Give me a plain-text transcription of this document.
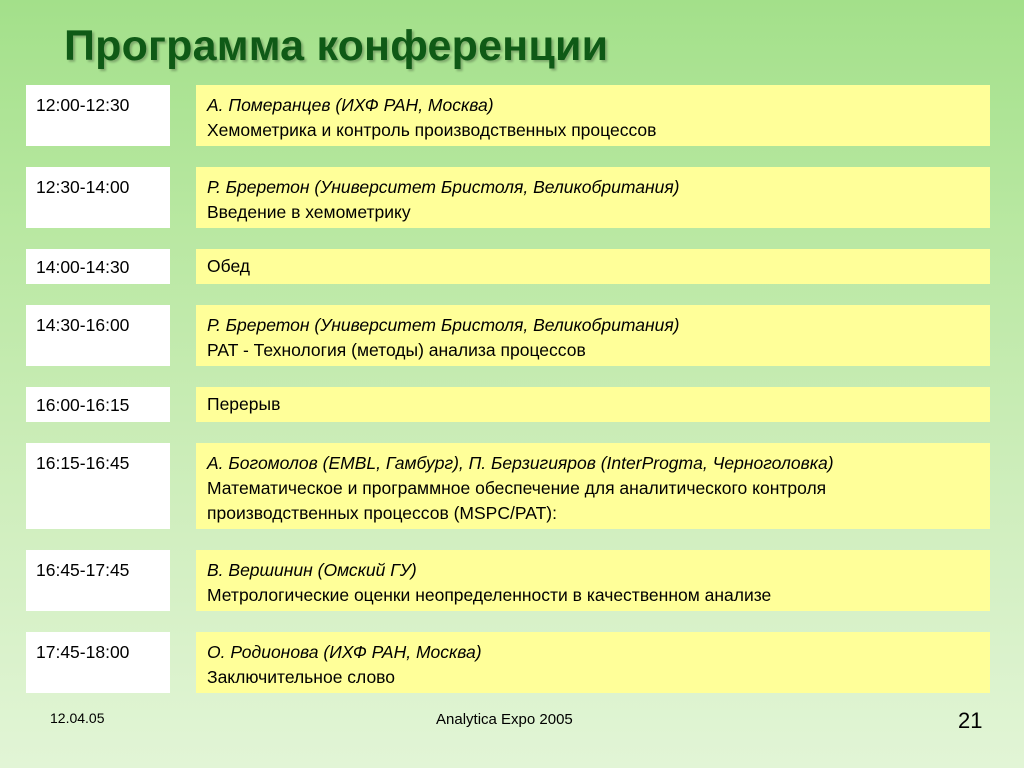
Программа конференции
12:00-12:30	А. Померанцев (ИХФ РАН, Москва)
Хемометрика и контроль производственных процессов
12:30-14:00	Р. Бреретон (Университет Бристоля, Великобритания)
Введение в хемометрику
14:00-14:30	Обед
14:30-16:00	Р. Бреретон (Университет Бристоля, Великобритания)
PAT - Технология (методы) анализа процессов
16:00-16:15	Перерыв
16:15-16:45	А. Богомолов (EMBL, Гамбург), П. Берзигияров (InterProgma, Черноголовка)
Математическое и программное обеспечение для аналитического контроля производственных процессов (MSPC/PAT):
16:45-17:45	В. Вершинин (Омский ГУ)
Метрологические оценки неопределенности в качественном анализе
17:45-18:00	О. Родионова (ИХФ РАН, Москва)
Заключительное слово
12.04.05	Analytica Expo 2005	21
